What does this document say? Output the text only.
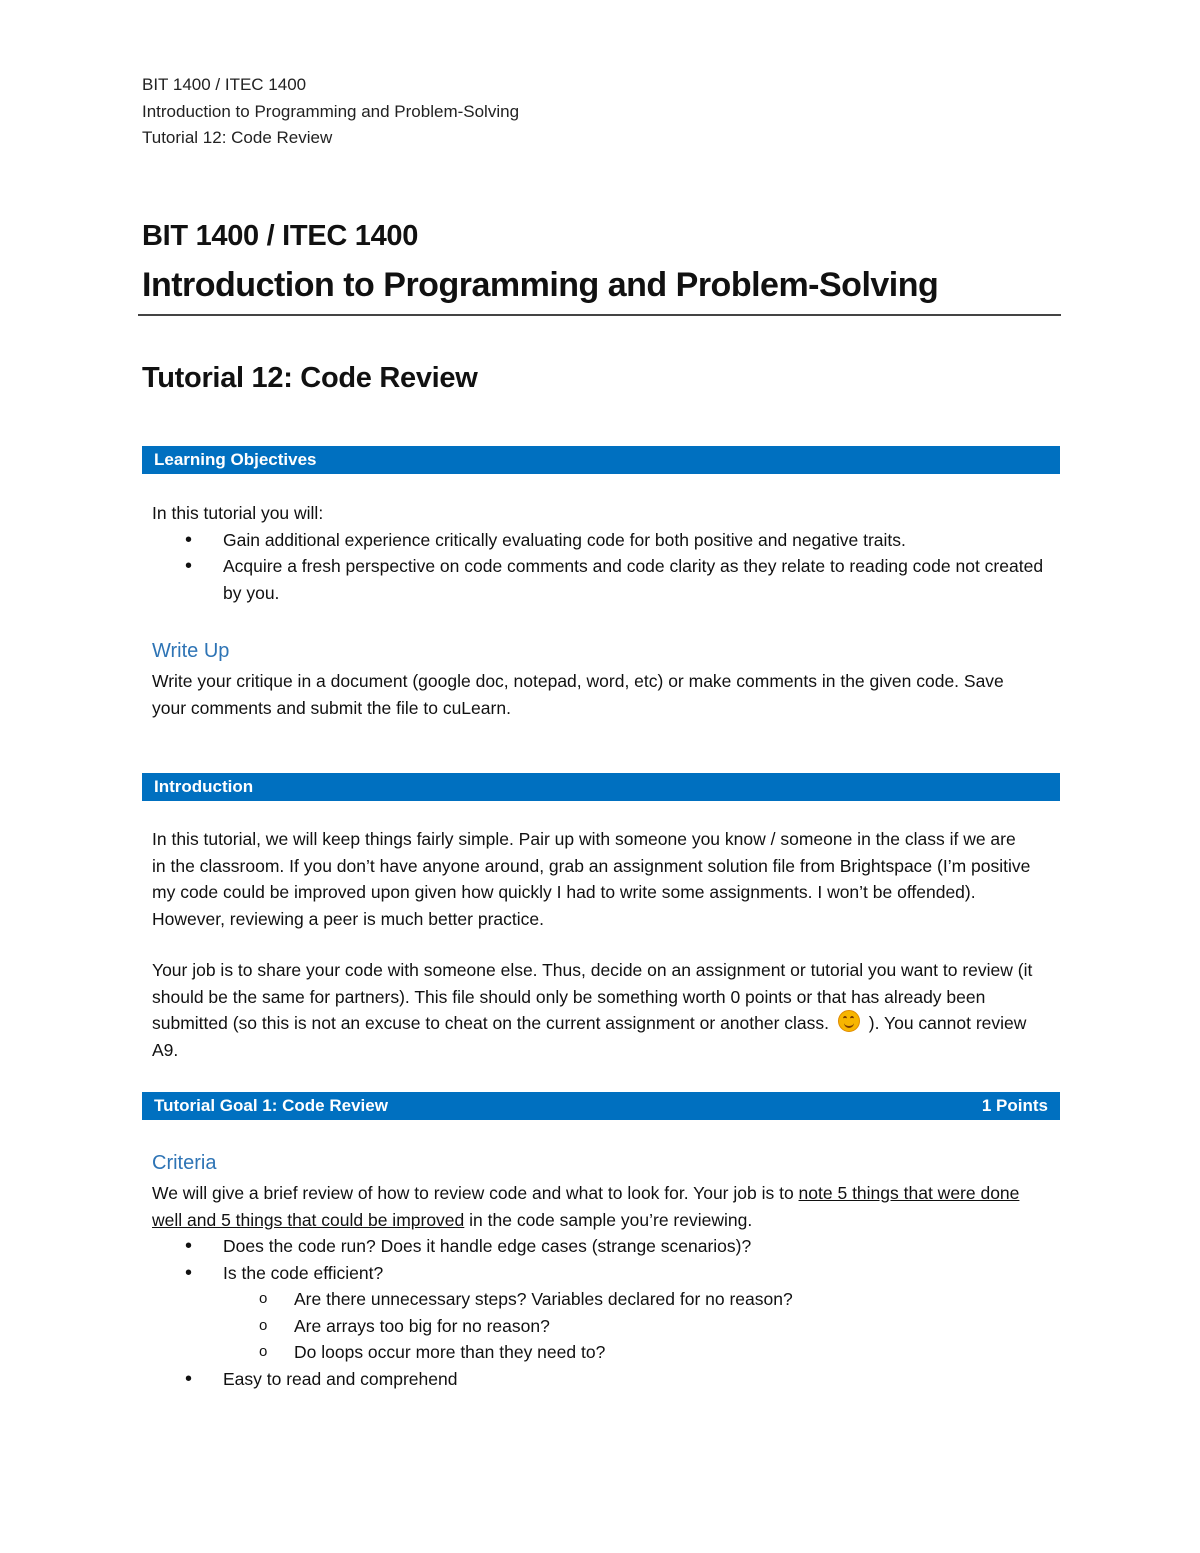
BIT 1400 / ITEC 1400
Introduction to Programming and Problem-Solving
Tutorial 12: Code Review
BIT 1400 / ITEC 1400
Introduction to Programming and Problem-Solving
Tutorial 12: Code Review
Learning Objectives
In this tutorial you will:
• Gain additional experience critically evaluating code for both positive and negative traits.
• Acquire a fresh perspective on code comments and code clarity as they relate to reading code not created by you.
Write Up
Write your critique in a document (google doc, notepad, word, etc) or make comments in the given code. Save your comments and submit the file to cuLearn.
Introduction
In this tutorial, we will keep things fairly simple. Pair up with someone you know / someone in the class if we are in the classroom. If you don’t have anyone around, grab an assignment solution file from Brightspace (I’m positive my code could be improved upon given how quickly I had to write some assignments. I won’t be offended). However, reviewing a peer is much better practice.
Your job is to share your code with someone else. Thus, decide on an assignment or tutorial you want to review (it should be the same for partners). This file should only be something worth 0 points or that has already been submitted (so this is not an excuse to cheat on the current assignment or another class. ). You cannot review A9.
Tutorial Goal 1: Code Review	1 Points
Criteria
We will give a brief review of how to review code and what to look for. Your job is to note 5 things that were done well and 5 things that could be improved in the code sample you’re reviewing.
• Does the code run? Does it handle edge cases (strange scenarios)?
• Is the code efficient?
o Are there unnecessary steps? Variables declared for no reason?
o Are arrays too big for no reason?
o Do loops occur more than they need to?
• Easy to read and comprehend
